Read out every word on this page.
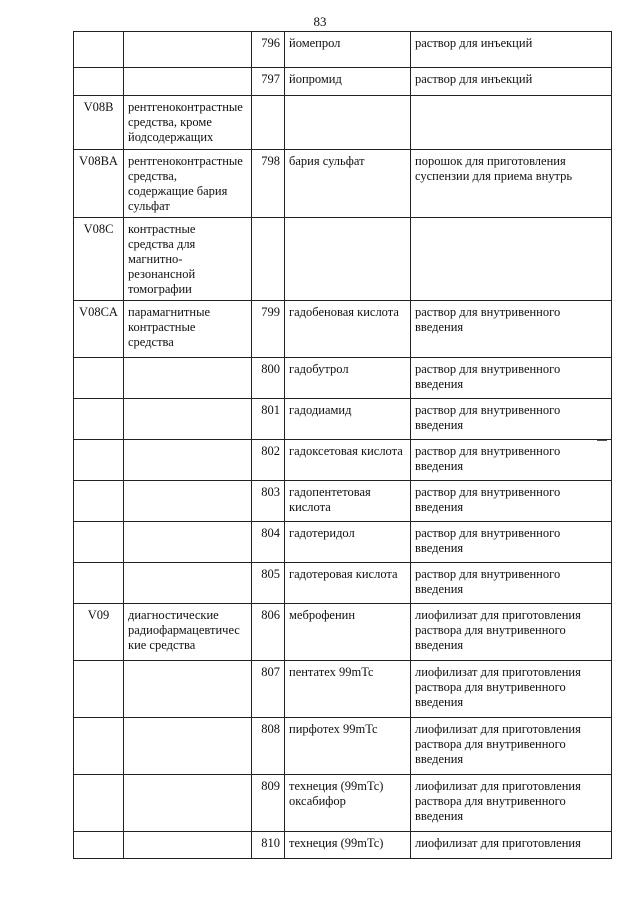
83

		796	йомепрол	раствор для инъекций

		797	йопромид	раствор для инъекций

V08B	рентгеноконтрастные
средства, кроме
йодсодержащих			

V08BA	рентгеноконтрастные
средства,
содержащие бария
сульфат	798	бария сульфат	порошок для приготовления
суспензии для приема внутрь

V08C	контрастные
средства для
магнитно-
резонансной
томографии			

V08CA	парамагнитные
контрастные
средства	799	гадобеновая кислота	раствор для внутривенного
введения

		800	гадобутрол	раствор для внутривенного
введения

		801	гадодиамид	раствор для внутривенного
введения

		802	гадоксетовая кислота	раствор для внутривенного
введения

		803	гадопентетовая
кислота	раствор для внутривенного
введения

		804	гадотеридол	раствор для внутривенного
введения

		805	гадотеровая кислота	раствор для внутривенного
введения

V09	диагностические
радиофармацевтичес
кие средства	806	меброфенин	лиофилизат для приготовления
раствора для внутривенного
введения

		807	пентатех 99mTc	лиофилизат для приготовления
раствора для внутривенного
введения

		808	пирфотех 99mTc	лиофилизат для приготовления
раствора для внутривенного
введения

		809	технеция (99mTc)
оксабифор	лиофилизат для приготовления
раствора для внутривенного
введения

		810	технеция (99mTc)	лиофилизат для приготовления
